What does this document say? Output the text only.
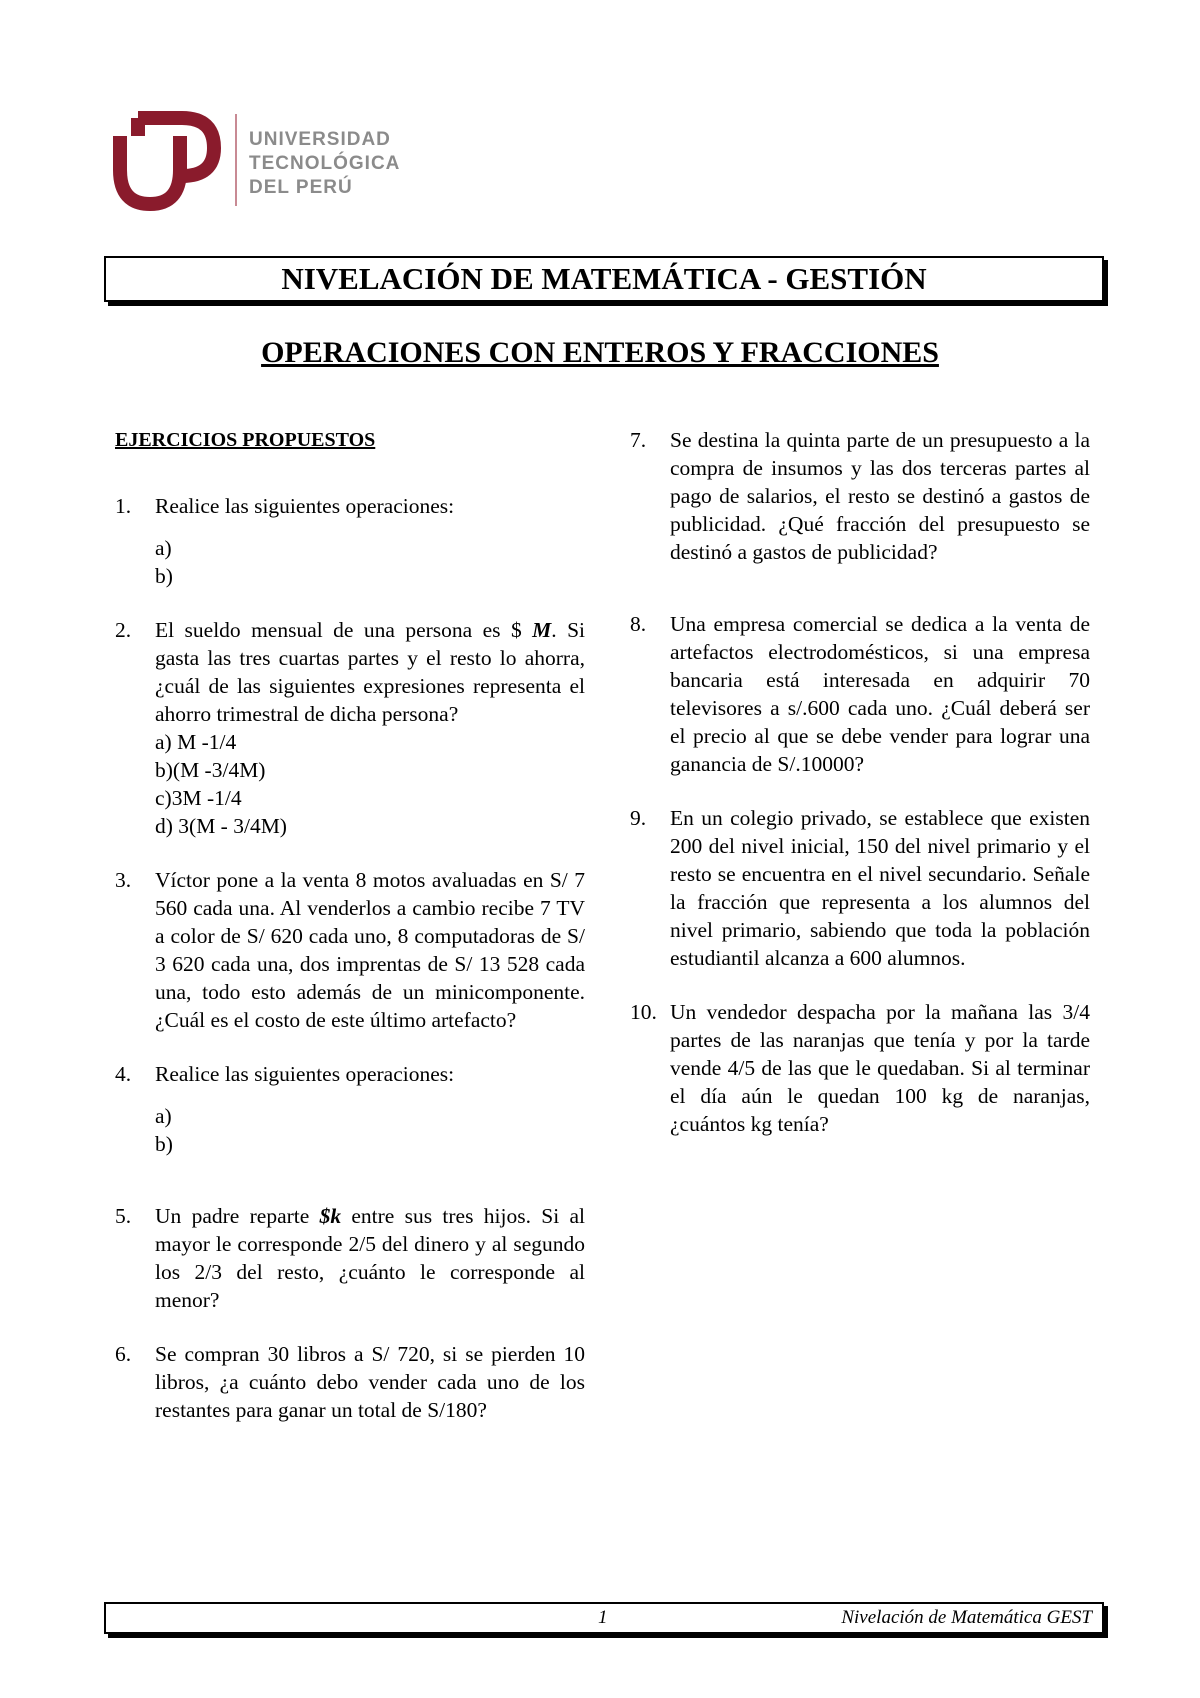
UNIVERSIDAD
TECNOLÓGICA
DEL PERÚ
NIVELACIÓN DE MATEMÁTICA - GESTIÓN
OPERACIONES CON ENTEROS Y FRACCIONES
EJERCICIOS PROPUESTOS
1.	Realice las siguientes operaciones:
a)
b)
2.	El sueldo mensual de una persona es $ M. Si gasta las tres cuartas partes y el resto lo ahorra, ¿cuál de las siguientes expresiones representa el ahorro trimestral de dicha persona?
a) M -1/4
b)(M -3/4M)
c)3M -1/4
d) 3(M - 3/4M)
3.	Víctor pone a la venta 8 motos avaluadas en S/ 7 560 cada una. Al venderlos a cambio recibe 7 TV a color de S/ 620 cada uno, 8 computadoras de S/ 3 620 cada una, dos imprentas de S/ 13 528 cada una, todo esto además de un minicomponente. ¿Cuál es el costo de este último artefacto?
4.	Realice las siguientes operaciones:
a)
b)
5.	Un padre reparte $k entre sus tres hijos. Si al mayor le corresponde 2/5 del dinero y al segundo los 2/3 del resto, ¿cuánto le corresponde al menor?
6.	Se compran 30 libros a S/ 720, si se pierden 10 libros, ¿a cuánto debo vender cada uno de los restantes para ganar un total de S/180?
7.	Se destina la quinta parte de un presupuesto a la compra de insumos y las dos terceras partes al pago de salarios, el resto se destinó a gastos de publicidad. ¿Qué fracción del presupuesto se destinó a gastos de publicidad?
8.	Una empresa comercial se dedica a la venta de artefactos electrodomésticos, si una empresa bancaria está interesada en adquirir 70 televisores a s/.600 cada uno. ¿Cuál deberá ser el precio al que se debe vender para lograr una ganancia de S/.10000?
9.	En un colegio privado, se establece que existen 200 del nivel inicial, 150 del nivel primario y el resto se encuentra en el nivel secundario. Señale la fracción que representa a los alumnos del nivel primario, sabiendo que toda la población estudiantil alcanza a 600 alumnos.
10. Un vendedor despacha por la mañana las 3/4 partes de las naranjas que tenía y por la tarde vende 4/5 de las que le quedaban. Si al terminar el día aún le quedan 100 kg de naranjas, ¿cuántos kg tenía?
1	Nivelación de Matemática GEST
